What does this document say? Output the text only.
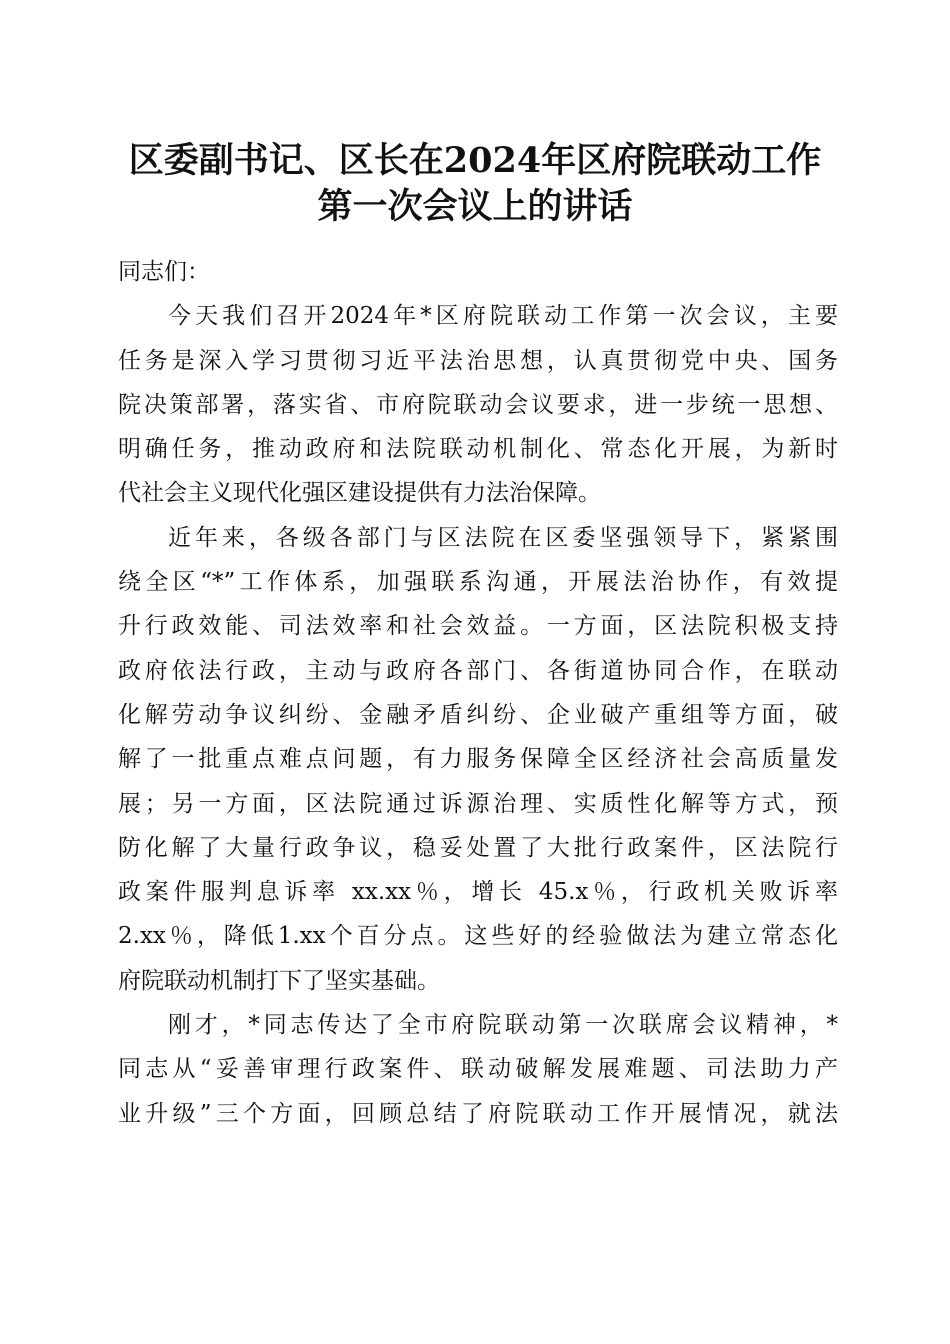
区委副书记、区长在2024年区府院联动工作
第一次会议上的讲话
同志们：
今天我们召开2024年*区府院联动工作第一次会议，主要
任务是深入学习贯彻习近平法治思想，认真贯彻党中央、国务
院决策部署，落实省、市府院联动会议要求，进一步统一思想、
明确任务，推动政府和法院联动机制化、常态化开展，为新时
代社会主义现代化强区建设提供有力法治保障。
近年来，各级各部门与区法院在区委坚强领导下，紧紧围
绕全区“*”工作体系，加强联系沟通，开展法治协作，有效提
升行政效能、司法效率和社会效益。一方面，区法院积极支持
政府依法行政，主动与政府各部门、各街道协同合作，在联动
化解劳动争议纠纷、金融矛盾纠纷、企业破产重组等方面，破
解了一批重点难点问题，有力服务保障全区经济社会高质量发
展；另一方面，区法院通过诉源治理、实质性化解等方式，预
防化解了大量行政争议，稳妥处置了大批行政案件，区法院行
政案件服判息诉率 xx.xx％，增长 45.x％，行政机关败诉率
2.xx％，降低1.xx个百分点。这些好的经验做法为建立常态化
府院联动机制打下了坚实基础。
刚才，*同志传达了全市府院联动第一次联席会议精神，*
同志从“妥善审理行政案件、联动破解发展难题、司法助力产
业升级”三个方面，回顾总结了府院联动工作开展情况，就法
